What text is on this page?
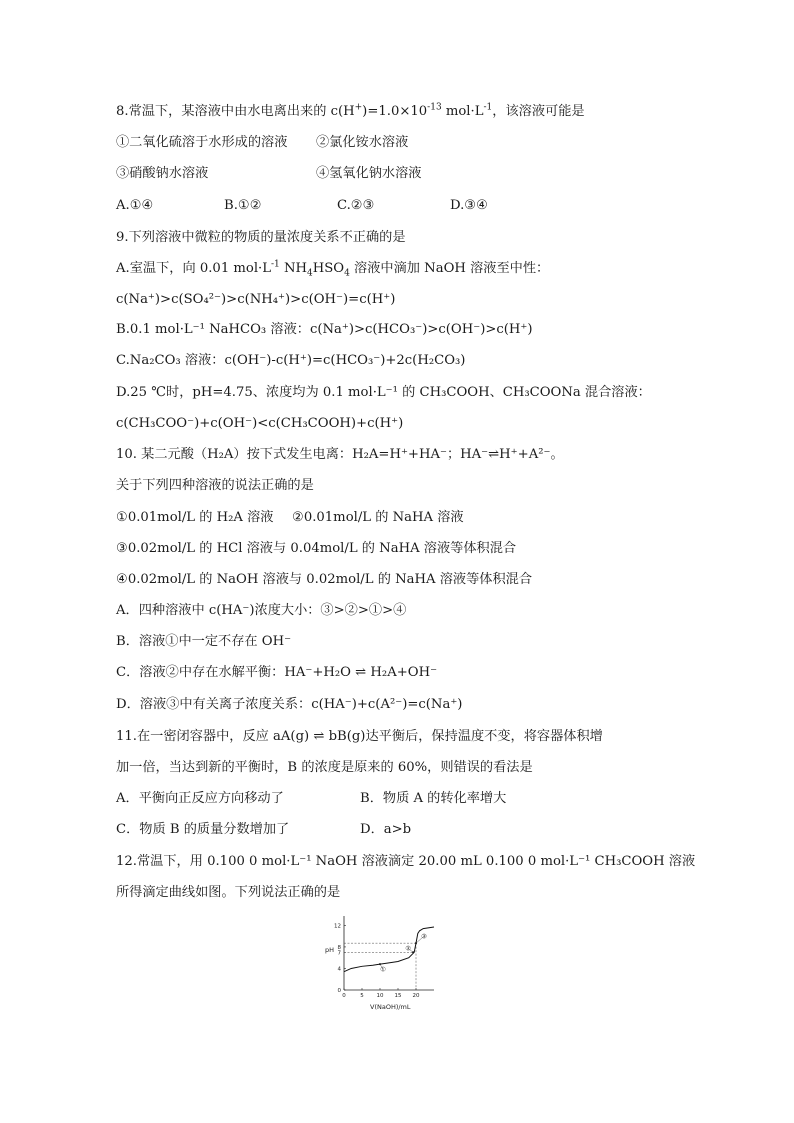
8.常温下，某溶液中由水电离出来的 $c(H^+)=1.0\times 10^{-13}$ $mol\cdot L^{-1}$，该溶液可能是
①二氧化硫溶于水形成的溶液 ②氯化铵水溶液
③硝酸钠水溶液	④氢氧化钠水溶液
A.①④	B.①②	C.②③	D.③④
9.下列溶液中微粒的物质的量浓度关系不正确的是
A.室温下，向 0.01 $mol\cdot L^{-1}$ $NH_4HSO_4$ 溶液中滴加 NaOH 溶液至中性：
c(Na⁺)>c(SO₄²⁻)>c(NH₄⁺)>c(OH⁻)=c(H⁺)
B.0.1 mol·L⁻¹ NaHCO₃ 溶液：c(Na⁺)>c(HCO₃⁻)>c(OH⁻)>c(H⁺)
C.Na₂CO₃ 溶液：c(OH⁻)-c(H⁺)=c(HCO₃⁻)+2c(H₂CO₃)
D.25 ℃时，pH=4.75、浓度均为 0.1 mol·L⁻¹ 的 CH₃COOH、CH₃COONa 混合溶液：
c(CH₃COO⁻)+c(OH⁻)<c(CH₃COOH)+c(H⁺)
10. 某二元酸（H₂A）按下式发生电离：H₂A=H⁺+HA⁻；HA⁻⇌H⁺+A²⁻。
关于下列四种溶液的说法正确的是
①0.01mol/L 的 H₂A 溶液 ②0.01mol/L 的 NaHA 溶液
③0.02mol/L 的 HCl 溶液与 0.04mol/L 的 NaHA 溶液等体积混合
④0.02mol/L 的 NaOH 溶液与 0.02mol/L 的 NaHA 溶液等体积混合
A．四种溶液中 c(HA⁻)浓度大小：③>②>①>④
B．溶液①中一定不存在 OH⁻
C．溶液②中存在水解平衡：HA⁻+H₂O ⇌ H₂A+OH⁻
D．溶液③中有关离子浓度关系：c(HA⁻)+c(A²⁻)=c(Na⁺)
11.在一密闭容器中，反应 aA(g) ⇌ bB(g)达平衡后，保持温度不变，将容器体积增
加一倍，当达到新的平衡时，B 的浓度是原来的 60%，则错误的看法是
A．平衡向正反应方向移动了	B．物质 A 的转化率增大
C．物质 B 的质量分数增加了	D．a>b
12.常温下，用 0.100 0 mol·L⁻¹ NaOH 溶液滴定 20.00 mL 0.100 0 mol·L⁻¹ CH₃COOH 溶液
所得滴定曲线如图。下列说法正确的是
0	5 10 15 20
0
4
7
8
12
①
②
③
pH
V(NaOH)/mL
